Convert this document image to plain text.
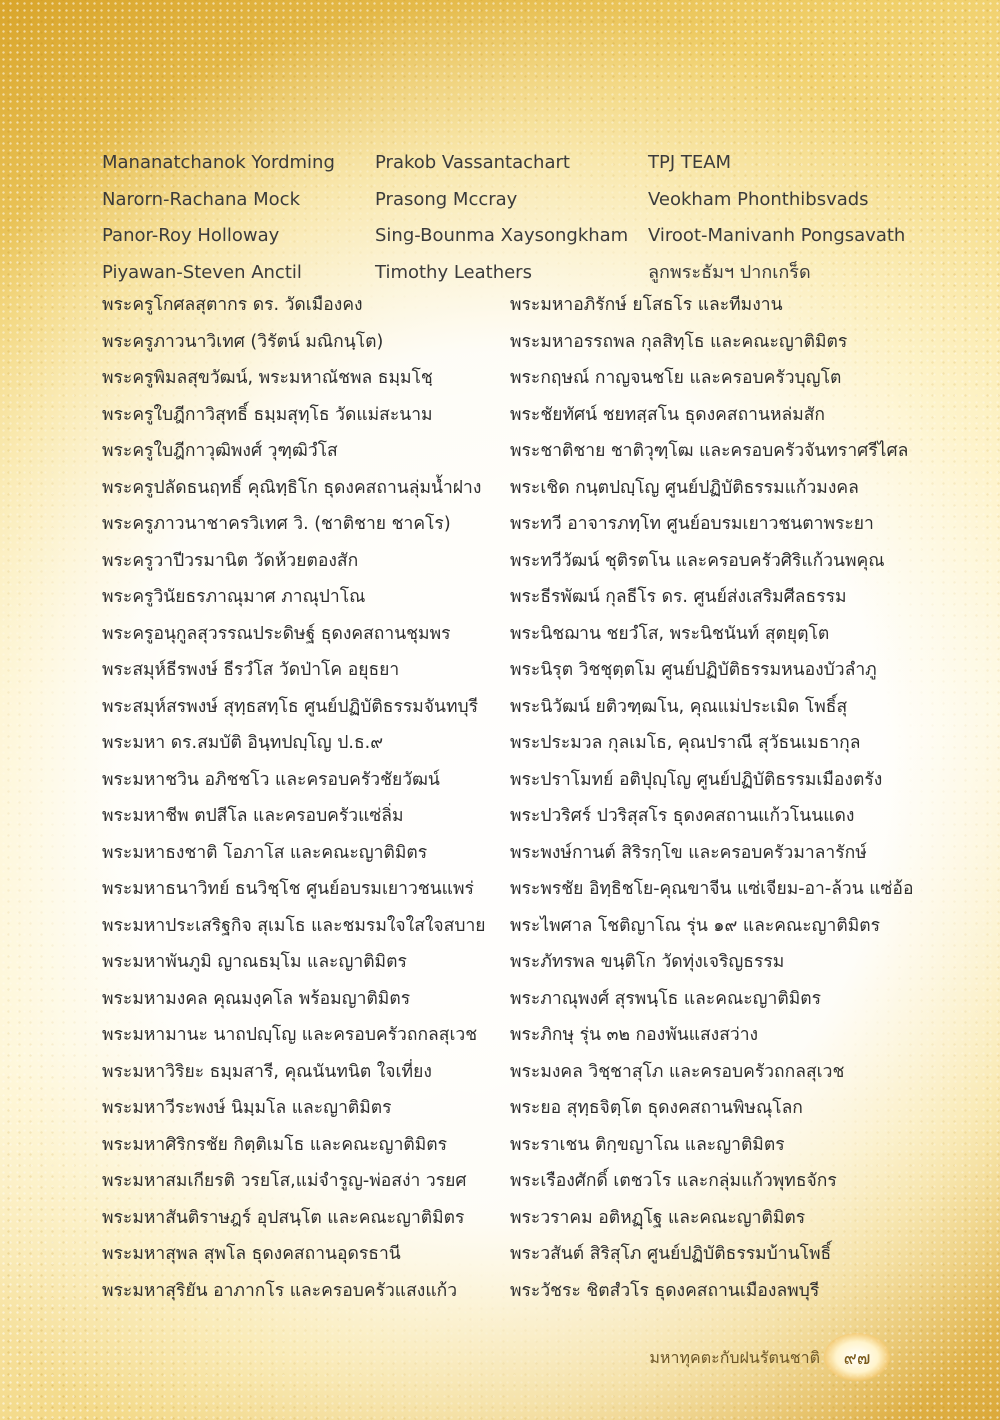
Mananatchanok Yordming	Prakob Vassantachart	TPJ TEAM
Narorn-Rachana Mock	Prasong Mccray	Veokham Phonthibsvads
Panor-Roy Holloway	Sing-Bounma Xaysongkham	Viroot-Manivanh Pongsavath
Piyawan-Steven Anctil	Timothy Leathers	ลูกพระธัมฯ ปากเกร็ด
พระครูโกศลสุตากร ดร. วัดเมืองคง	พระมหาอภิรักษ์ ยโสธโร และทีมงาน
พระครูภาวนาวิเทศ (วิรัตน์ มณิกนฺโต)	พระมหาอรรถพล กุลสิทฺโธ และคณะญาติมิตร
พระครูพิมลสุขวัฒน์, พระมหาณัชพล ธมฺมโชฺ	พระกฤษณ์ กาญจนชโย และครอบครัวบุญโต
พระครูใบฎีกาวิสุทธิ์ ธมฺมสุทฺโธ วัดแม่สะนาม	พระชัยทัศน์ ชยทสฺสโน ธุดงคสถานหล่มสัก
พระครูใบฎีกาวุฒิพงศ์ วุฑฺฒิวํโส	พระชาติชาย ชาติวุฑฺโฒ และครอบครัวจันทราศรีไศล
พระครูปลัดธนฤทธิ์ คุณิทฺธิโก ธุดงคสถานลุ่มน้ำฝาง	พระเชิด กนฺตปญฺโญ ศูนย์ปฏิบัติธรรมแก้วมงคล
พระครูภาวนาชาครวิเทศ วิ. (ชาติชาย ชาคโร)	พระทวี อาจารภทฺโท ศูนย์อบรมเยาวชนตาพระยา
พระครูวาปีวรมานิต วัดห้วยตองสัก	พระทวีวัฒน์ ชุติรตโน และครอบครัวศิริแก้วนพคุณ
พระครูวินัยธรภาณุมาศ ภาณุปาโณ	พระธีรพัฒน์ กุลธีโร ดร. ศูนย์ส่งเสริมศีลธรรม
พระครูอนุกูลสุวรรณประดิษฐ์ ธุดงคสถานชุมพร	พระนิชฌาน ชยวํโส, พระนิชนันท์ สุตยุตฺโต
พระสมุห์ธีรพงษ์ ธีรวํโส วัดป่าโค อยุธยา	พระนิรุต วิชชุตฺตโม ศูนย์ปฏิบัติธรรมหนองบัวลำภู
พระสมุห์สรพงษ์ สุทฺธสทฺโธ ศูนย์ปฏิบัติธรรมจันทบุรี	พระนิวัฒน์ ยติวฑฺฒโน, คุณแม่ประเมิด โพธิ์สุ
พระมหา ดร.สมบัติ อินฺทปญฺโญ ป.ธ.๙	พระประมวล กุลเมโธ, คุณปราณี สุวัธนเมธากุล
พระมหาชวิน อภิชชโว และครอบครัวชัยวัฒน์	พระปราโมทย์ อติปุญฺโญ ศูนย์ปฏิบัติธรรมเมืองตรัง
พระมหาชีพ ตปสีโล และครอบครัวแซ่ลิ่ม	พระปวริศร์ ปวริสุสโร ธุดงคสถานแก้วโนนแดง
พระมหาธงชาติ โอภาโส และคณะญาติมิตร	พระพงษ์กานต์ สิริรกฺโข และครอบครัวมาลารักษ์
พระมหาธนาวิทย์ ธนวิชฺโช ศูนย์อบรมเยาวชนแพร่	พระพรชัย อิทฺธิชโย-คุณขาจีน แซ่เจียม-อา-ล้วน แซ่อ้อ
พระมหาประเสริฐกิจ สุเมโธ และชมรมใจใสใจสบาย	พระไพศาล โชติญาโณ รุ่น ๑๙ และคณะญาติมิตร
พระมหาพันภูมิ ญาณธมฺโม และญาติมิตร	พระภัทรพล ขนฺติโก วัดทุ่งเจริญธรรม
พระมหามงคล คุณมงฺคโล พร้อมญาติมิตร	พระภาณุพงศ์ สุรพนฺโธ และคณะญาติมิตร
พระมหามานะ นาถปญฺโญ และครอบครัวถกลสุเวช	พระภิกษุ รุ่น ๓๒ กองพันแสงสว่าง
พระมหาวิริยะ ธมฺมสารี, คุณนันทนิต ใจเที่ยง	พระมงคล วิชฺชาสุโภ และครอบครัวถกลสุเวช
พระมหาวีระพงษ์ นิมฺมโล และญาติมิตร	พระยอ สุทฺธจิตฺโต ธุดงคสถานพิษณุโลก
พระมหาศิริกรชัย กิตฺติเมโธ และคณะญาติมิตร	พระราเชน ติกฺขญาโณ และญาติมิตร
พระมหาสมเกียรติ วรยโส,แม่จำรูญ-พ่อสง่า วรยศ	พระเรืองศักดิ์ เตชวโร และกลุ่มแก้วพุทธจักร
พระมหาสันติราษฎร์ อุปสนฺโต และคณะญาติมิตร	พระวราคม อติหฏฺโฐ และคณะญาติมิตร
พระมหาสุพล สุพโล ธุดงคสถานอุดรธานี	พระวสันต์ สิริสุโภ ศูนย์ปฏิบัติธรรมบ้านโพธิ์
พระมหาสุริยัน อาภากโร และครอบครัวแสงแก้ว	พระวัชระ ชิตสํวโร ธุดงคสถานเมืองลพบุรี
มหาทุคตะกับฝนรัตนชาติ	๙๗
